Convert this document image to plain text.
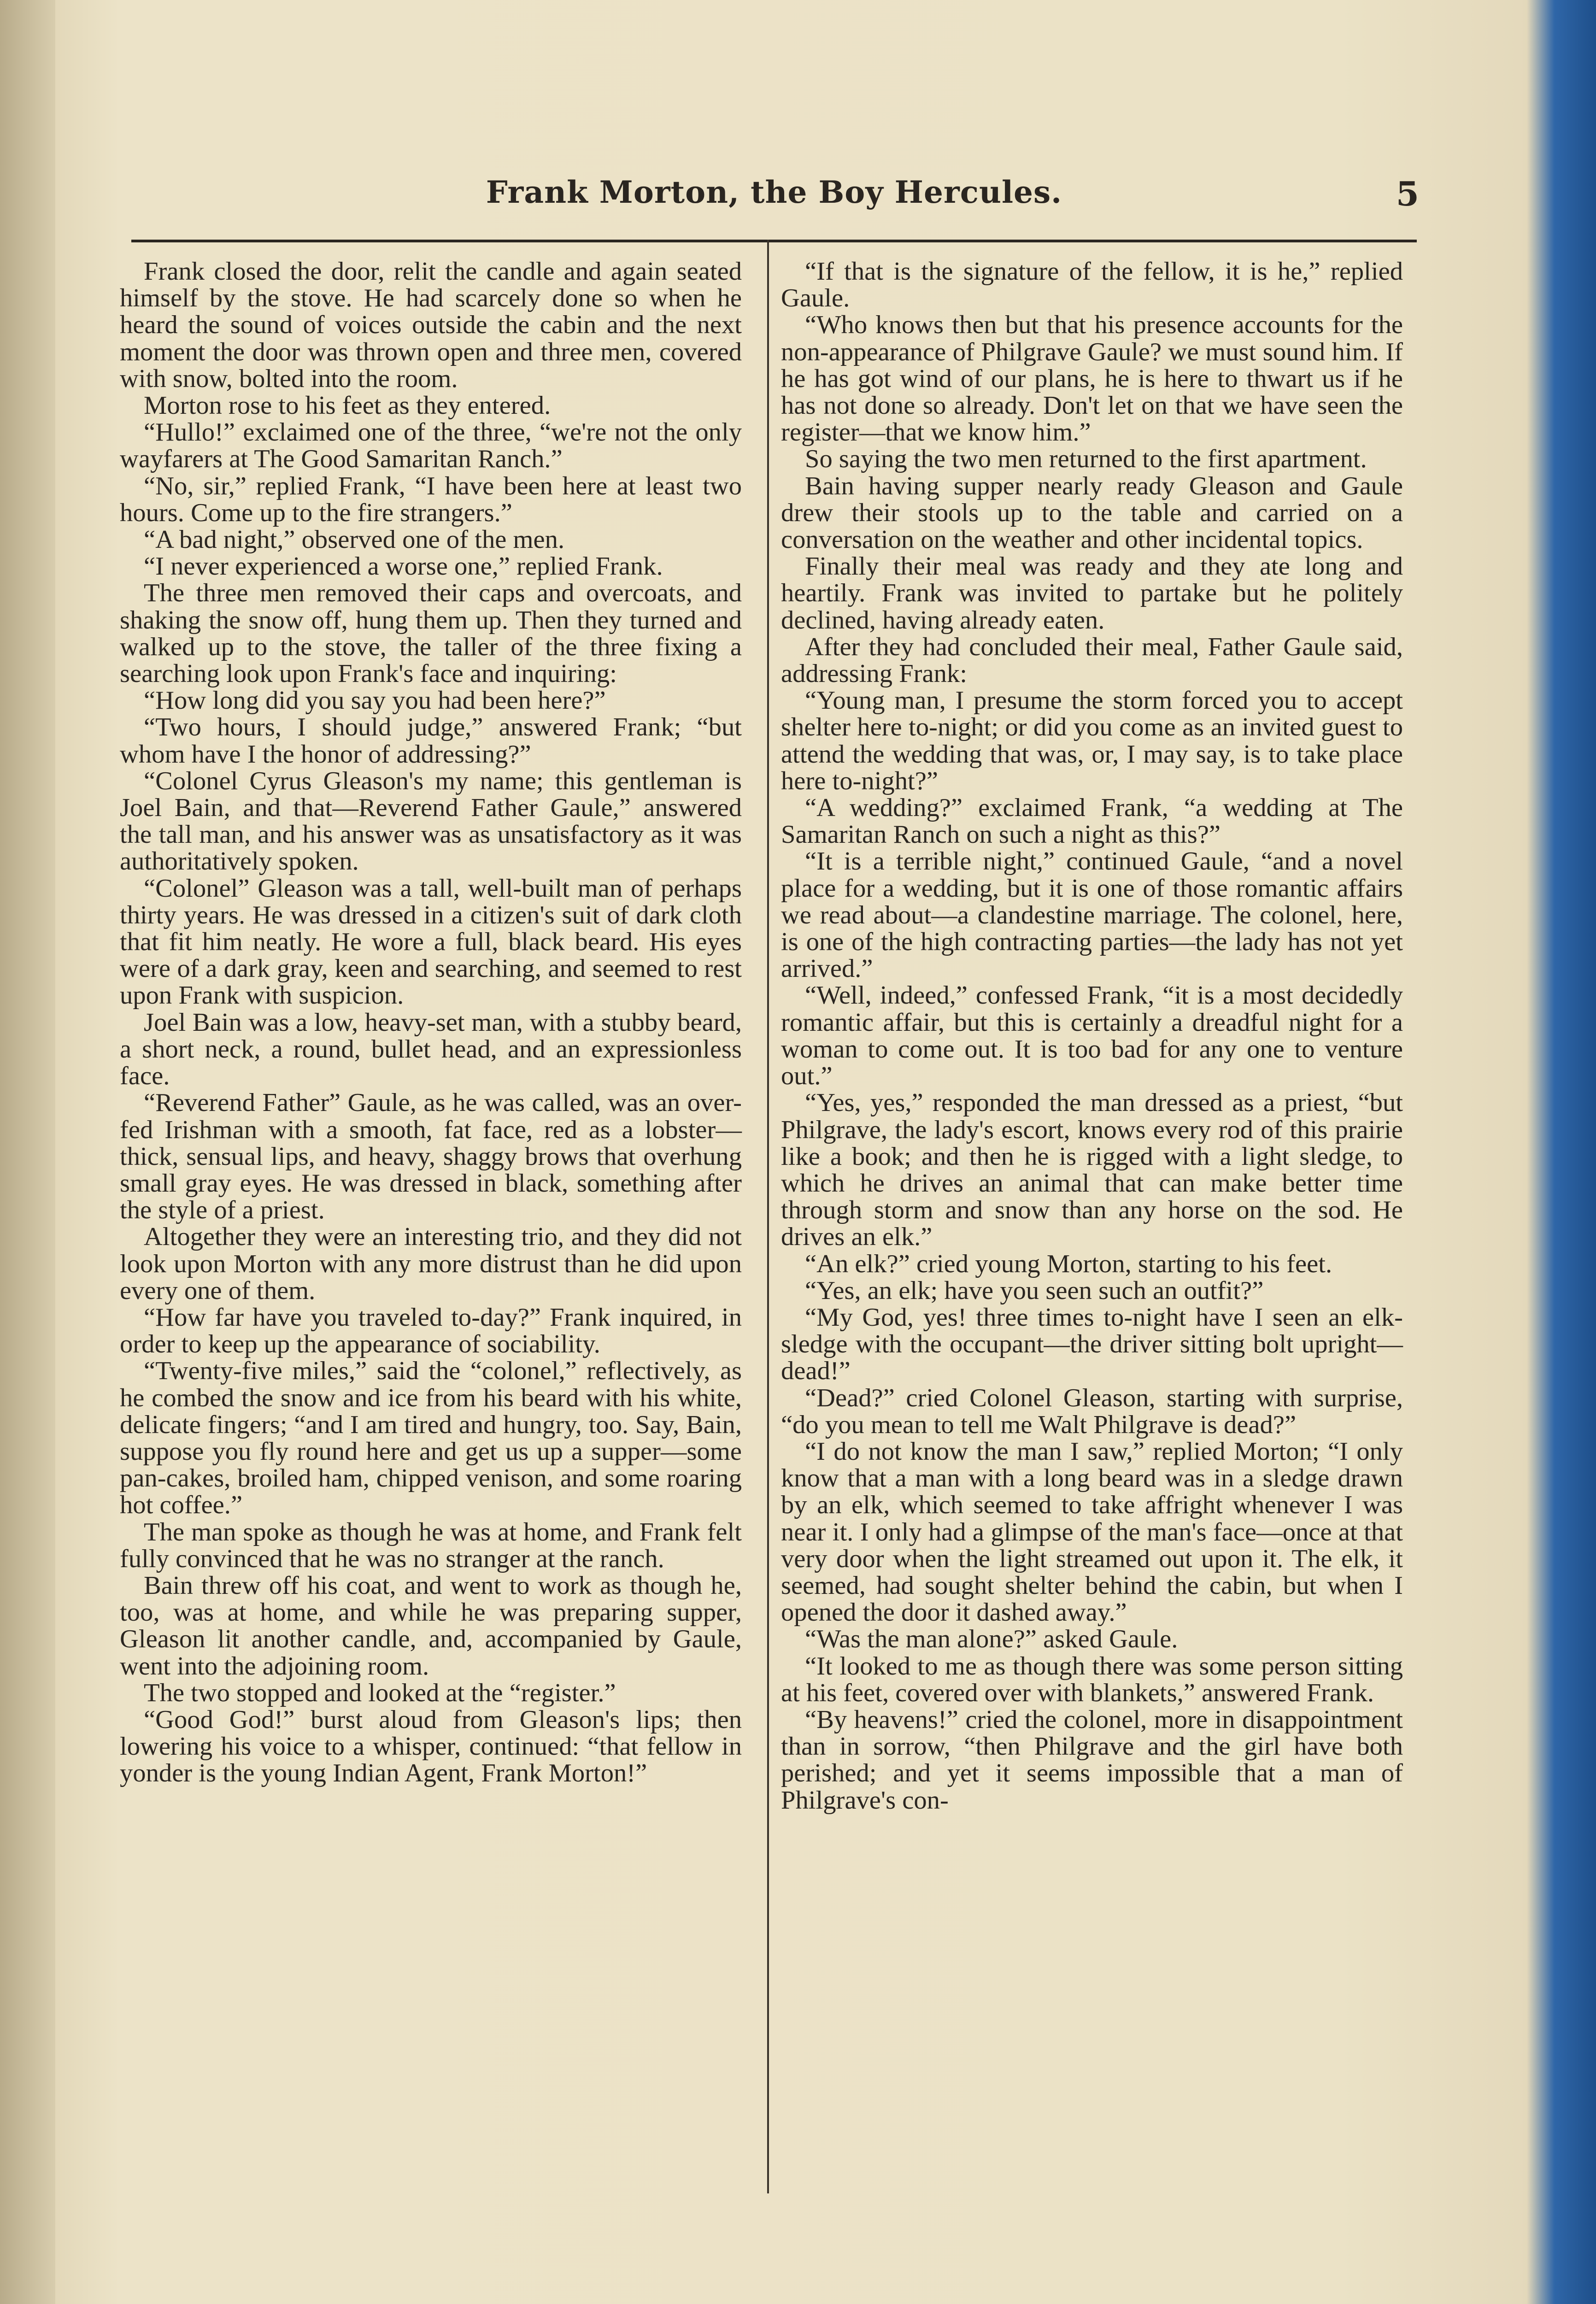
Frank Morton, the Boy Hercules.	5

Frank closed the door, relit the candle and again seated himself by the stove. He had scarcely done so when he heard the sound of voices outside the cabin and the next moment the door was thrown open and three men, covered with snow, bolted into the room.

Morton rose to his feet as they entered.

“Hullo!” exclaimed one of the three, “we're not the only wayfarers at The Good Samaritan Ranch.”

“No, sir,” replied Frank, “I have been here at least two hours. Come up to the fire strangers.”

“A bad night,” observed one of the men.

“I never experienced a worse one,” replied Frank.

The three men removed their caps and overcoats, and shaking the snow off, hung them up. Then they turned and walked up to the stove, the taller of the three fixing a searching look upon Frank's face and inquiring:

“How long did you say you had been here?”

“Two hours, I should judge,” answered Frank; “but whom have I the honor of addressing?”

“Colonel Cyrus Gleason's my name; this gentleman is Joel Bain, and that—Reverend Father Gaule,” answered the tall man, and his answer was as unsatisfactory as it was authoritatively spoken.

“Colonel” Gleason was a tall, well-built man of perhaps thirty years. He was dressed in a citizen's suit of dark cloth that fit him neatly. He wore a full, black beard. His eyes were of a dark gray, keen and searching, and seemed to rest upon Frank with suspicion.

Joel Bain was a low, heavy-set man, with a stubby beard, a short neck, a round, bullet head, and an expressionless face.

“Reverend Father” Gaule, as he was called, was an over-fed Irishman with a smooth, fat face, red as a lobster—thick, sensual lips, and heavy, shaggy brows that overhung small gray eyes. He was dressed in black, something after the style of a priest.

Altogether they were an interesting trio, and they did not look upon Morton with any more distrust than he did upon every one of them.

“How far have you traveled to-day?” Frank inquired, in order to keep up the appearance of sociability.

“Twenty-five miles,” said the “colonel,” reflectively, as he combed the snow and ice from his beard with his white, delicate fingers; “and I am tired and hungry, too. Say, Bain, suppose you fly round here and get us up a supper—some pan-cakes, broiled ham, chipped venison, and some roaring hot coffee.”

The man spoke as though he was at home, and Frank felt fully convinced that he was no stranger at the ranch.

Bain threw off his coat, and went to work as though he, too, was at home, and while he was preparing supper, Gleason lit another candle, and, accompanied by Gaule, went into the adjoining room.

The two stopped and looked at the “register.”

“Good God!” burst aloud from Gleason's lips; then lowering his voice to a whisper, continued: “that fellow in yonder is the young Indian Agent, Frank Morton!”

“If that is the signature of the fellow, it is he,” replied Gaule.

“Who knows then but that his presence accounts for the non-appearance of Philgrave Gaule? we must sound him. If he has got wind of our plans, he is here to thwart us if he has not done so already. Don't let on that we have seen the register—that we know him.”

So saying the two men returned to the first apartment.

Bain having supper nearly ready Gleason and Gaule drew their stools up to the table and carried on a conversation on the weather and other incidental topics.

Finally their meal was ready and they ate long and heartily. Frank was invited to partake but he politely declined, having already eaten.

After they had concluded their meal, Father Gaule said, addressing Frank:

“Young man, I presume the storm forced you to accept shelter here to-night; or did you come as an invited guest to attend the wedding that was, or, I may say, is to take place here to-night?”

“A wedding?” exclaimed Frank, “a wedding at The Samaritan Ranch on such a night as this?”

“It is a terrible night,” continued Gaule, “and a novel place for a wedding, but it is one of those romantic affairs we read about—a clandestine marriage. The colonel, here, is one of the high contracting parties—the lady has not yet arrived.”

“Well, indeed,” confessed Frank, “it is a most decidedly romantic affair, but this is certainly a dreadful night for a woman to come out. It is too bad for any one to venture out.”

“Yes, yes,” responded the man dressed as a priest, “but Philgrave, the lady's escort, knows every rod of this prairie like a book; and then he is rigged with a light sledge, to which he drives an animal that can make better time through storm and snow than any horse on the sod. He drives an elk.”

“An elk?” cried young Morton, starting to his feet.

“Yes, an elk; have you seen such an outfit?”

“My God, yes! three times to-night have I seen an elk-sledge with the occupant—the driver sitting bolt upright—dead!”

“Dead?” cried Colonel Gleason, starting with surprise, “do you mean to tell me Walt Philgrave is dead?”

“I do not know the man I saw,” replied Morton; “I only know that a man with a long beard was in a sledge drawn by an elk, which seemed to take affright whenever I was near it. I only had a glimpse of the man's face—once at that very door when the light streamed out upon it. The elk, it seemed, had sought shelter behind the cabin, but when I opened the door it dashed away.”

“Was the man alone?” asked Gaule.

“It looked to me as though there was some person sitting at his feet, covered over with blankets,” answered Frank.

“By heavens!” cried the colonel, more in disappointment than in sorrow, “then Philgrave and the girl have both perished; and yet it seems impossible that a man of Philgrave's con-
